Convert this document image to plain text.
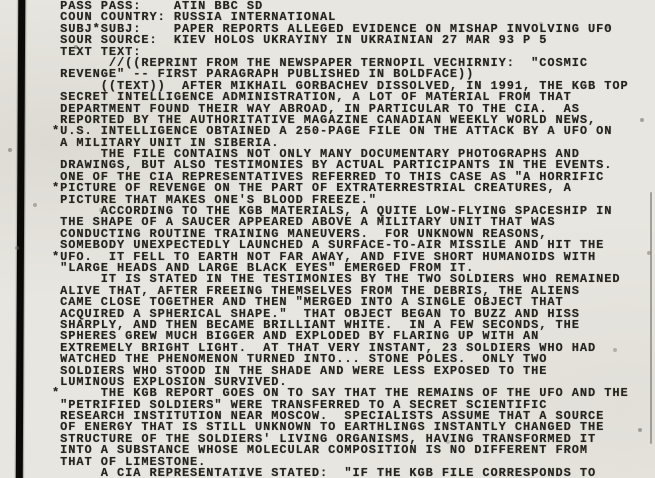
PASS PASS:    ATIN BBC SD
COUN COUNTRY: RUSSIA INTERNATIONAL
SUBJ*SUBJ:    PAPER REPORTS ALLEGED EVIDENCE ON MISHAP INVOLVING UFO
SOUR SOURCE:  KIEV HOLOS UKRAYINY IN UKRAINIAN 27 MAR 93 P 5
TEXT TEXT:
//((REPRINT FROM THE NEWSPAPER TERNOPIL VECHIRNIY:  "COSMIC
REVENGE" -- FIRST PARAGRAPH PUBLISHED IN BOLDFACE))
((TEXT))  AFTER MIKHAIL GORBACHEV DISSOLVED, IN 1991, THE KGB TOP
SECRET INTELLIGENCE ADMINISTRATION, A LOT OF MATERIAL FROM THAT
DEPARTMENT FOUND THEIR WAY ABROAD, IN PARTICULAR TO THE CIA.  AS
REPORTED BY THE AUTHORITATIVE MAGAZINE CANADIAN WEEKLY WORLD NEWS,
*U.S. INTELLIGENCE OBTAINED A 250-PAGE FILE ON THE ATTACK BY A UFO ON
A MILITARY UNIT IN SIBERIA.
THE FILE CONTAINS NOT ONLY MANY DOCUMENTARY PHOTOGRAPHS AND
DRAWINGS, BUT ALSO TESTIMONIES BY ACTUAL PARTICIPANTS IN THE EVENTS.
ONE OF THE CIA REPRESENTATIVES REFERRED TO THIS CASE AS "A HORRIFIC
*PICTURE OF REVENGE ON THE PART OF EXTRATERRESTRIAL CREATURES, A
PICTURE THAT MAKES ONE'S BLOOD FREEZE."
ACCORDING TO THE KGB MATERIALS, A QUITE LOW-FLYING SPACESHIP IN
THE SHAPE OF A SAUCER APPEARED ABOVE A MILITARY UNIT THAT WAS
CONDUCTING ROUTINE TRAINING MANEUVERS.  FOR UNKNOWN REASONS,
SOMEBODY UNEXPECTEDLY LAUNCHED A SURFACE-TO-AIR MISSILE AND HIT THE
*UFO.  IT FELL TO EARTH NOT FAR AWAY, AND FIVE SHORT HUMANOIDS WITH
"LARGE HEADS AND LARGE BLACK EYES" EMERGED FROM IT.
IT IS STATED IN THE TESTIMONIES BY THE TWO SOLDIERS WHO REMAINED
ALIVE THAT, AFTER FREEING THEMSELVES FROM THE DEBRIS, THE ALIENS
CAME CLOSE TOGETHER AND THEN "MERGED INTO A SINGLE OBJECT THAT
ACQUIRED A SPHERICAL SHAPE."  THAT OBJECT BEGAN TO BUZZ AND HISS
SHARPLY, AND THEN BECAME BRILLIANT WHITE.  IN A FEW SECONDS, THE
SPHERES GREW MUCH BIGGER AND EXPLODED BY FLARING UP WITH AN
EXTREMELY BRIGHT LIGHT.  AT THAT VERY INSTANT, 23 SOLDIERS WHO HAD
WATCHED THE PHENOMENON TURNED INTO... STONE POLES.  ONLY TWO
SOLDIERS WHO STOOD IN THE SHADE AND WERE LESS EXPOSED TO THE
LUMINOUS EXPLOSION SURVIVED.
*     THE KGB REPORT GOES ON TO SAY THAT THE REMAINS OF THE UFO AND THE
"PETRIFIED SOLDIERS" WERE TRANSFERRED TO A SECRET SCIENTIFIC
RESEARCH INSTITUTION NEAR MOSCOW.  SPECIALISTS ASSUME THAT A SOURCE
OF ENERGY THAT IS STILL UNKNOWN TO EARTHLINGS INSTANTLY CHANGED THE
STRUCTURE OF THE SOLDIERS' LIVING ORGANISMS, HAVING TRANSFORMED IT
INTO A SUBSTANCE WHOSE MOLECULAR COMPOSITION IS NO DIFFERENT FROM
THAT OF LIMESTONE.
A CIA REPRESENTATIVE STATED:  "IF THE KGB FILE CORRESPONDS TO
